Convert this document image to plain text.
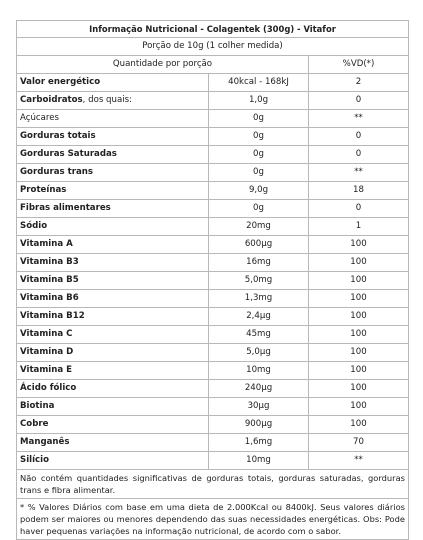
Informação Nutricional - Colagentek (300g) - Vitafor		
Porção de 10g (1 colher medida)		
Quantidade por porção		%VD(*)
Valor energético	40kcal - 168kJ	2
Carboidratos, dos quais:	1,0g	0
Açúcares	0g	**
Gorduras totais	0g	0
Gorduras Saturadas	0g	0
Gorduras trans	0g	**
Proteínas	9,0g	18
Fibras alimentares	0g	0
Sódio	20mg	1
Vitamina A	600µg	100
Vitamina B3	16mg	100
Vitamina B5	5,0mg	100
Vitamina B6	1,3mg	100
Vitamina B12	2,4µg	100
Vitamina C	45mg	100
Vitamina D	5,0µg	100
Vitamina E	10mg	100
Ácido fólico	240µg	100
Biotina	30µg	100
Cobre	900µg	100
Manganês	1,6mg	70
Silício	10mg	**
Não contém quantidades significativas de gorduras totais, gorduras saturadas, gorduras trans e fibra alimentar.		
* % Valores Diários com base em uma dieta de 2.000Kcal ou 8400kJ. Seus valores diários podem ser maiores ou menores dependendo das suas necessidades energéticas. Obs: Pode haver pequenas variações na informação nutricional, de acordo com o sabor.		
